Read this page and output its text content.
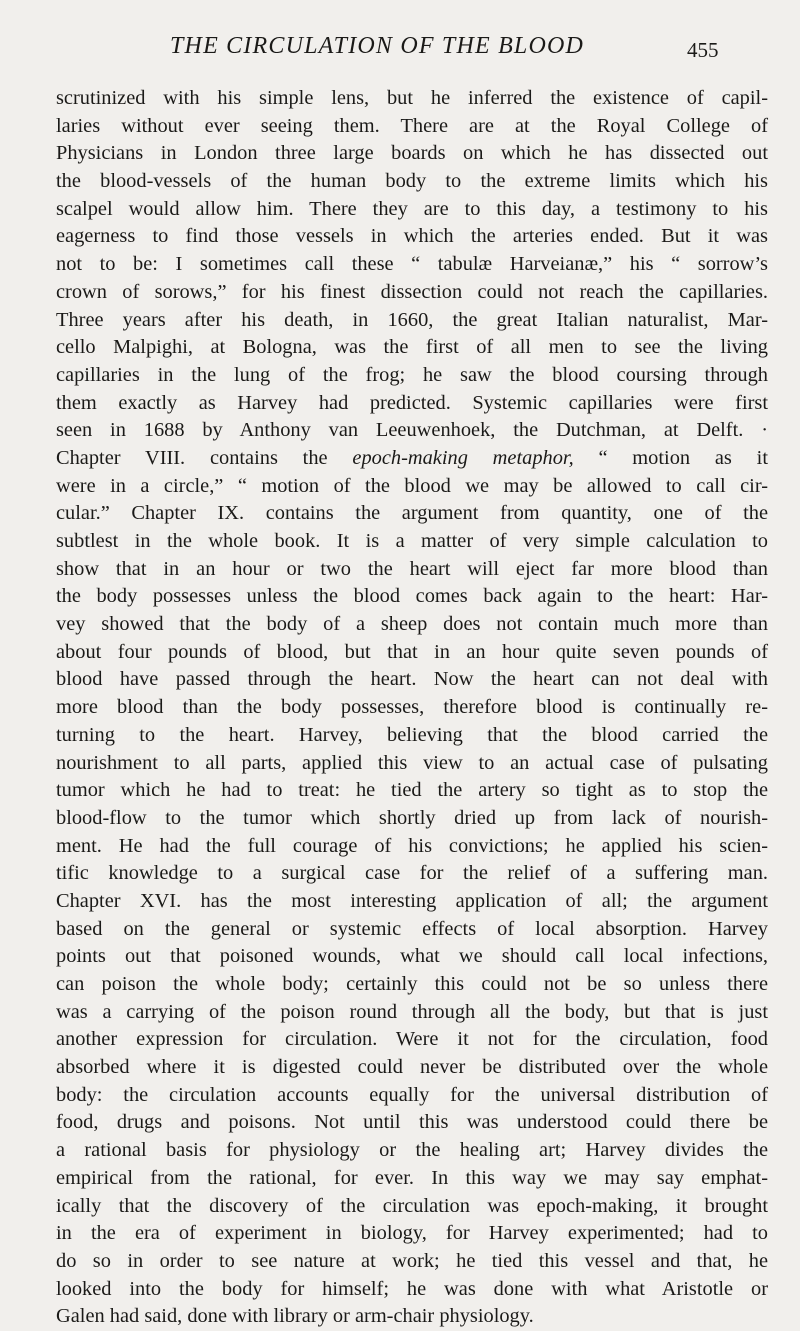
THE CIRCULATION OF THE BLOOD	455
scrutinized with his simple lens, but he inferred the existence of capil-
laries without ever seeing them. There are at the Royal College of
Physicians in London three large boards on which he has dissected out
the blood-vessels of the human body to the extreme limits which his
scalpel would allow him. There they are to this day, a testimony to his
eagerness to find those vessels in which the arteries ended. But it was
not to be: I sometimes call these “ tabulæ Harveianæ,” his “ sorrow’s
crown of sorows,” for his finest dissection could not reach the capillaries.
Three years after his death, in 1660, the great Italian naturalist, Mar-
cello Malpighi, at Bologna, was the first of all men to see the living
capillaries in the lung of the frog; he saw the blood coursing through
them exactly as Harvey had predicted. Systemic capillaries were first
seen in 1688 by Anthony van Leeuwenhoek, the Dutchman, at Delft. ·
Chapter VIII. contains the epoch-making metaphor, “ motion as it
were in a circle,” “ motion of the blood we may be allowed to call cir-
cular.” Chapter IX. contains the argument from quantity, one of the
subtlest in the whole book. It is a matter of very simple calculation to
show that in an hour or two the heart will eject far more blood than
the body possesses unless the blood comes back again to the heart: Har-
vey showed that the body of a sheep does not contain much more than
about four pounds of blood, but that in an hour quite seven pounds of
blood have passed through the heart. Now the heart can not deal with
more blood than the body possesses, therefore blood is continually re-
turning to the heart. Harvey, believing that the blood carried the
nourishment to all parts, applied this view to an actual case of pulsating
tumor which he had to treat: he tied the artery so tight as to stop the
blood-flow to the tumor which shortly dried up from lack of nourish-
ment. He had the full courage of his convictions; he applied his scien-
tific knowledge to a surgical case for the relief of a suffering man.
Chapter XVI. has the most interesting application of all; the argument
based on the general or systemic effects of local absorption. Harvey
points out that poisoned wounds, what we should call local infections,
can poison the whole body; certainly this could not be so unless there
was a carrying of the poison round through all the body, but that is just
another expression for circulation. Were it not for the circulation, food
absorbed where it is digested could never be distributed over the whole
body: the circulation accounts equally for the universal distribution of
food, drugs and poisons. Not until this was understood could there be
a rational basis for physiology or the healing art; Harvey divides the
empirical from the rational, for ever. In this way we may say emphat-
ically that the discovery of the circulation was epoch-making, it brought
in the era of experiment in biology, for Harvey experimented; had to
do so in order to see nature at work; he tied this vessel and that, he
looked into the body for himself; he was done with what Aristotle or
Galen had said, done with library or arm-chair physiology.
